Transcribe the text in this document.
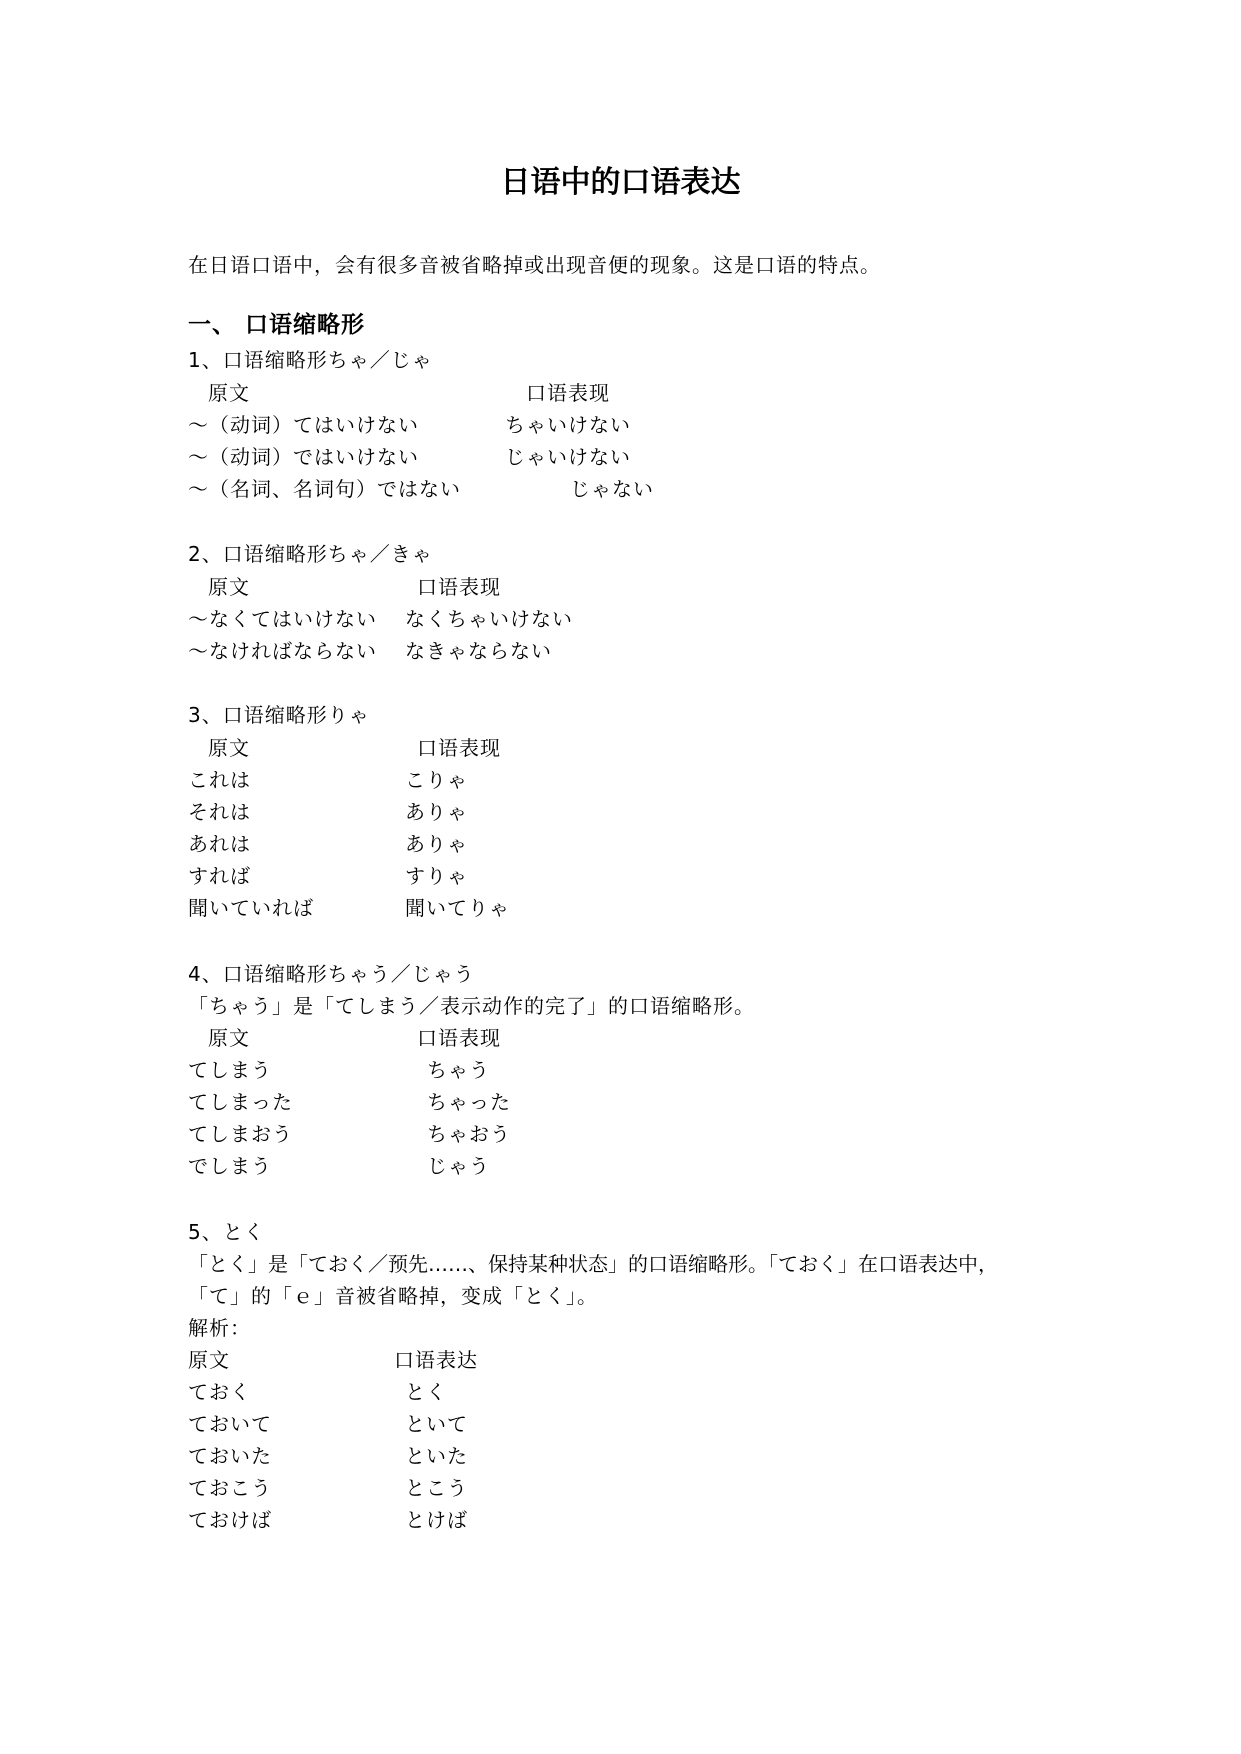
日语中的口语表达
在日语口语中，会有很多音被省略掉或出现音便的现象。这是口语的特点。
一、 口语缩略形
1、口语缩略形ちゃ／じゃ
原文	口语表现
～（动词）てはいけない	ちゃいけない
～（动词）ではいけない	じゃいけない
～（名词、名词句）ではない	じゃない
2、口语缩略形ちゃ／きゃ
原文	口语表现
～なくてはいけない なくちゃいけない
～なければならない なきゃならない
3、口语缩略形りゃ
原文	口语表现
これは	こりゃ
それは	ありゃ
あれは	ありゃ
すれば	すりゃ
聞いていれば	聞いてりゃ
4、口语缩略形ちゃう／じゃう
「ちゃう」是「てしまう／表示动作的完了」的口语缩略形。
原文	口语表现
てしまう	ちゃう
てしまった	ちゃった
てしまおう	ちゃおう
でしまう	じゃう
5、とく
「とく」是「ておく／预先……、保持某种状态」的口语缩略形。「ておく」在口语表达中，
「て」的「ｅ」音被省略掉，变成「とく」。
解析：
原文	口语表达
ておく	とく
ておいて	といて
ておいた	といた
ておこう	とこう
ておけば	とけば
